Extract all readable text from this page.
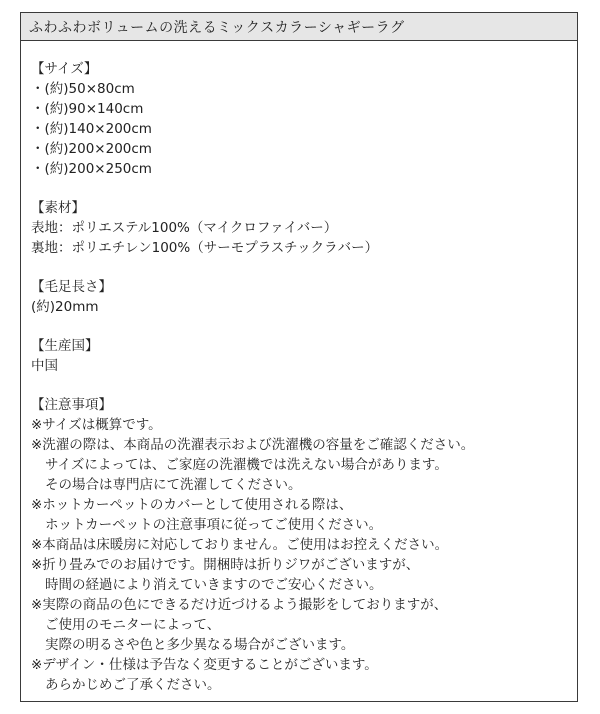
ふわふわボリュームの洗えるミックスカラーシャギーラグ
【サイズ】
・(約)50×80cm
・(約)90×140cm
・(約)140×200cm
・(約)200×200cm
・(約)200×250cm
【素材】
表地：ポリエステル100%（マイクロファイバー）
裏地：ポリエチレン100%（サーモプラスチックラバー）
【毛足長さ】
(約)20mm
【生産国】
中国
【注意事項】
※サイズは概算です。
※洗濯の際は、本商品の洗濯表示および洗濯機の容量をご確認ください。
サイズによっては、ご家庭の洗濯機では洗えない場合があります。
その場合は専門店にて洗濯してください。
※ホットカーペットのカバーとして使用される際は、
ホットカーペットの注意事項に従ってご使用ください。
※本商品は床暖房に対応しておりません。ご使用はお控えください。
※折り畳みでのお届けです。開梱時は折りジワがございますが、
時間の経過により消えていきますのでご安心ください。
※実際の商品の色にできるだけ近づけるよう撮影をしておりますが、
ご使用のモニターによって、
実際の明るさや色と多少異なる場合がございます。
※デザイン・仕様は予告なく変更することがございます。
あらかじめご了承ください。
